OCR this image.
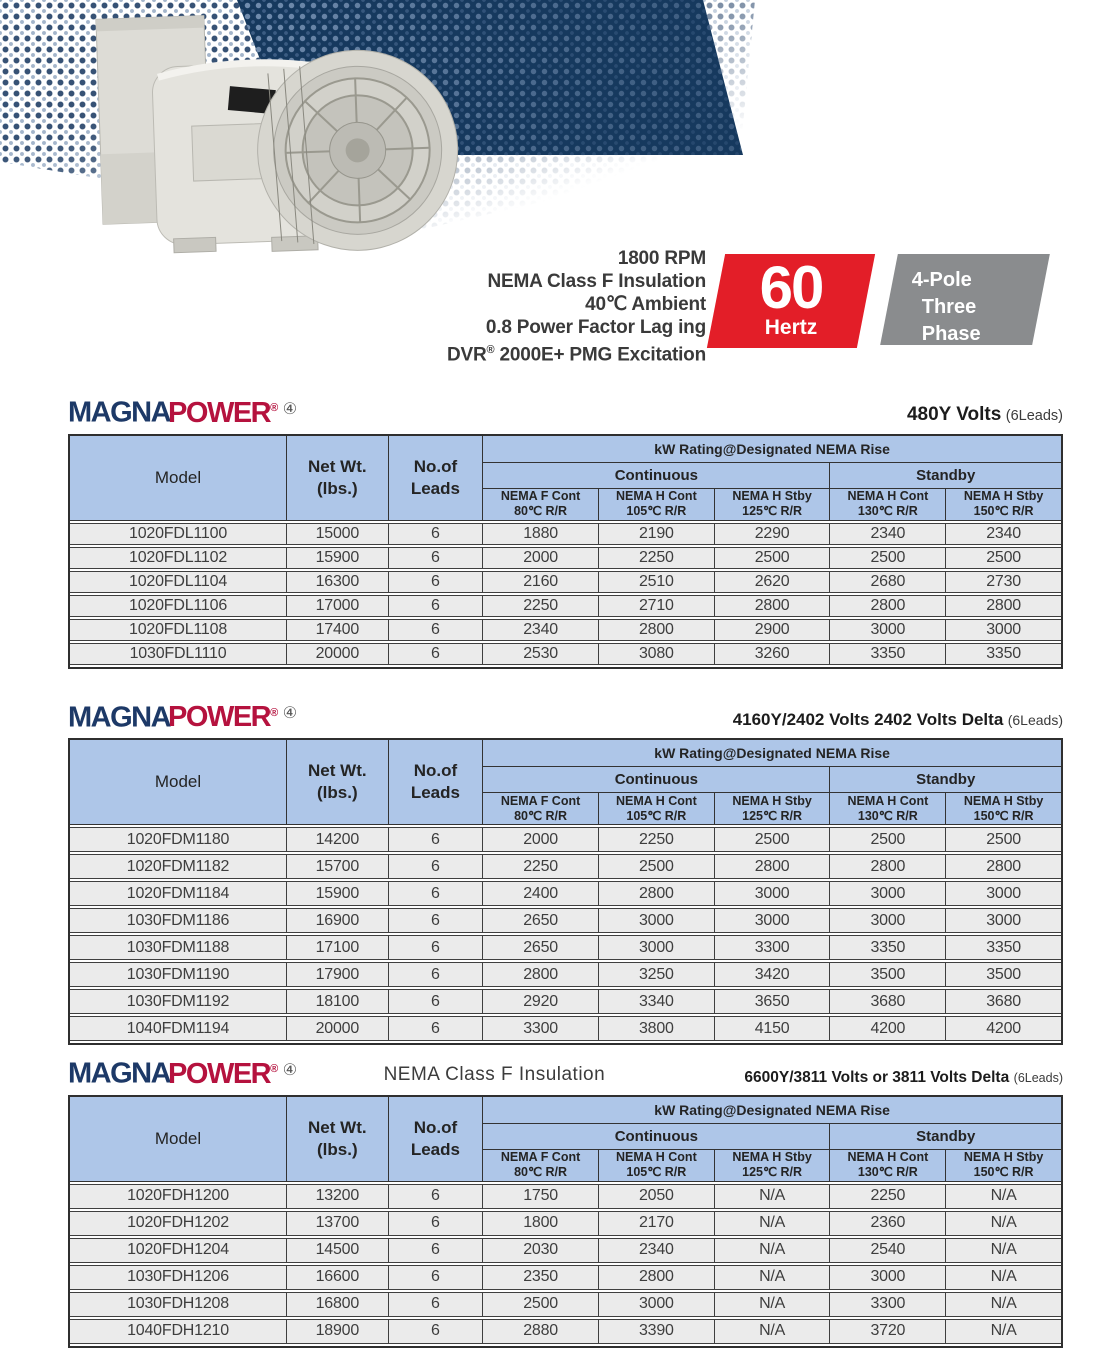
1800 RPM
NEMA Class F Insulation
40℃ Ambient
0.8 Power Factor Lag ing
DVR® 2000E+ PMG Excitation
60
Hertz
4-Pole
Three Phase
MAGNAPOWER® ④	480Y Volts (6Leads)
Model
Net Wt.
(lbs.)
No.of
Leads
kW Rating@Designated NEMA Rise
Continuous	Standby
NEMA F Cont
80℃ R/R
NEMA H Cont
105℃ R/R
NEMA H Stby
125℃ R/R
NEMA H Cont
130℃ R/R
NEMA H Stby
150℃ R/R
1020FDL1100	15000	6	1880	2190	2290	2340	2340
1020FDL1102	15900	6	2000	2250	2500	2500	2500
1020FDL1104	16300	6	2160	2510	2620	2680	2730
1020FDL1106	17000	6	2250	2710	2800	2800	2800
1020FDL1108	17400	6	2340	2800	2900	3000	3000
1030FDL1110	20000	6	2530	3080	3260	3350	3350
MAGNAPOWER® ④	4160Y/2402 Volts 2402 Volts Delta (6Leads)
Model
Net Wt.
(lbs.)
No.of
Leads
kW Rating@Designated NEMA Rise
Continuous	Standby
NEMA F Cont
80℃ R/R
NEMA H Cont
105℃ R/R
NEMA H Stby
125℃ R/R
NEMA H Cont
130℃ R/R
NEMA H Stby
150℃ R/R
1020FDM1180	14200	6	2000	2250	2500	2500	2500
1020FDM1182	15700	6	2250	2500	2800	2800	2800
1020FDM1184	15900	6	2400	2800	3000	3000	3000
1030FDM1186	16900	6	2650	3000	3000	3000	3000
1030FDM1188	17100	6	2650	3000	3300	3350	3350
1030FDM1190	17900	6	2800	3250	3420	3500	3500
1030FDM1192	18100	6	2920	3340	3650	3680	3680
1040FDM1194	20000	6	3300	3800	4150	4200	4200
MAGNAPOWER® ④	NEMA Class F Insulation	6600Y/3811 Volts or 3811 Volts Delta (6Leads)
Model
Net Wt.
(lbs.)
No.of
Leads
kW Rating@Designated NEMA Rise
Continuous	Standby
NEMA F Cont
80℃ R/R
NEMA H Cont
105℃ R/R
NEMA H Stby
125℃ R/R
NEMA H Cont
130℃ R/R
NEMA H Stby
150℃ R/R
1020FDH1200	13200	6	1750	2050	N/A	2250	N/A
1020FDH1202	13700	6	1800	2170	N/A	2360	N/A
1020FDH1204	14500	6	2030	2340	N/A	2540	N/A
1030FDH1206	16600	6	2350	2800	N/A	3000	N/A
1030FDH1208	16800	6	2500	3000	N/A	3300	N/A
1040FDH1210	18900	6	2880	3390	N/A	3720	N/A
